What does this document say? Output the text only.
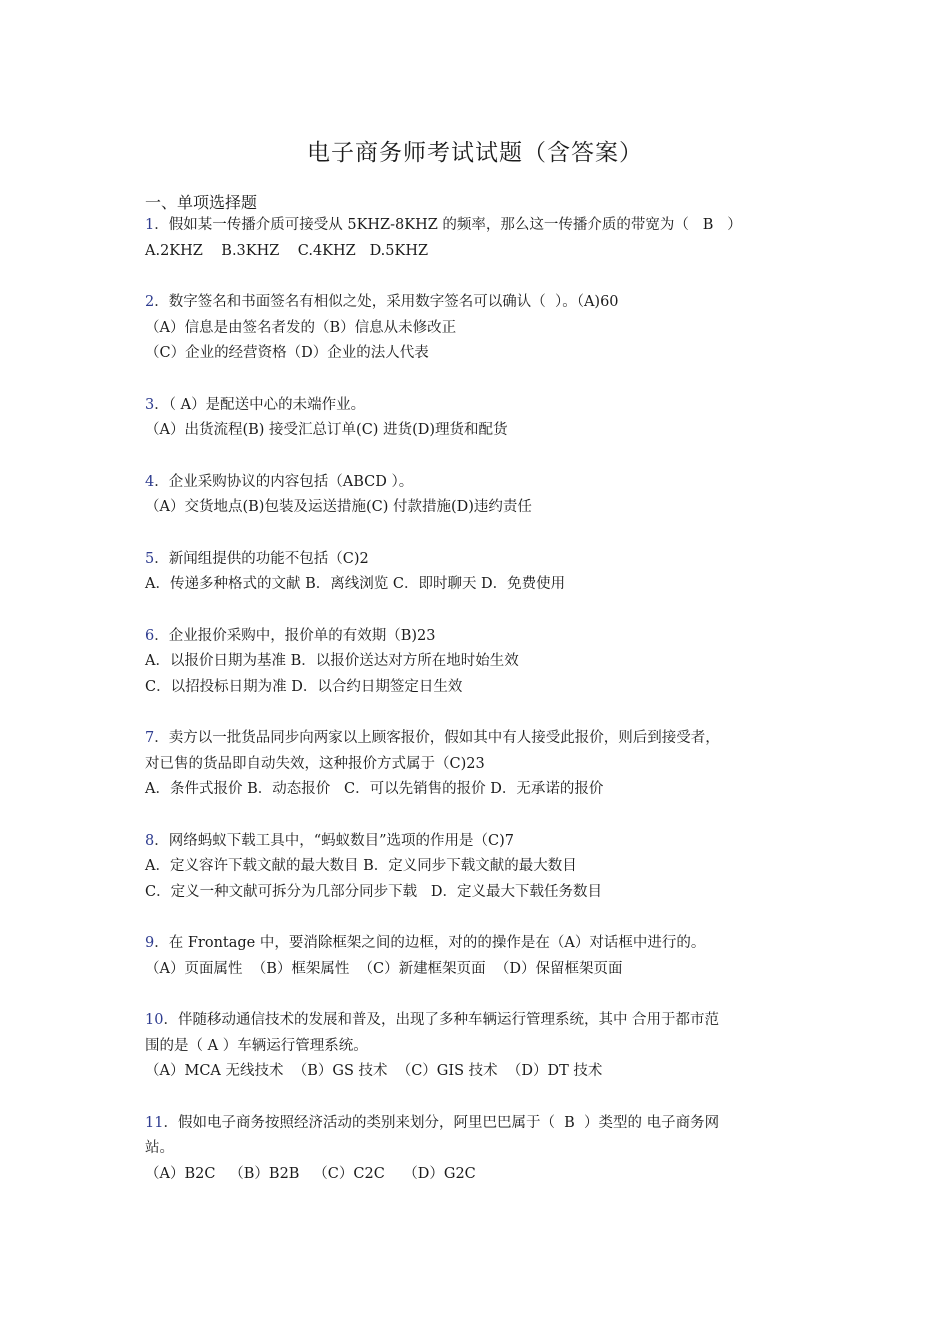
电子商务师考试试题（含答案）
一、单项选择题
1．假如某一传播介质可接受从 5KHZ-8KHZ 的频率，那么这一传播介质的带宽为（   B   ）
A.2KHZ    B.3KHZ    C.4KHZ   D.5KHZ
2．数字签名和书面签名有相似之处，采用数字签名可以确认（  ）。（A)60
（A）信息是由签名者发的（B）信息从未修改正
（C）企业的经营资格（D）企业的法人代表
3．（ A）是配送中心的未端作业。
（A）出货流程(B) 接受汇总订单(C) 进货(D)理货和配货
4．企业采购协议的内容包括（ABCD ）。
（A）交货地点(B)包装及运送措施(C) 付款措施(D)违约责任
5．新闻组提供的功能不包括（C)2
A．传递多种格式的文献 B．离线浏览 C．即时聊天 D．免费使用
6．企业报价采购中，报价单的有效期（B)23
A．以报价日期为基准 B．以报价送达对方所在地时始生效
C．以招投标日期为准 D．以合约日期签定日生效
7．卖方以一批货品同步向两家以上顾客报价，假如其中有人接受此报价，则后到接受者，
对已售的货品即自动失效，这种报价方式属于（C)23
A．条件式报价 B．动态报价   C．可以先销售的报价 D．无承诺的报价
8．网络蚂蚁下载工具中，“蚂蚁数目”选项的作用是（C)7
A．定义容许下载文献的最大数目 B．定义同步下载文献的最大数目
C．定义一种文献可拆分为几部分同步下载   D．定义最大下载任务数目
9．在 Frontage 中，要消除框架之间的边框，对的的操作是在（A）对话框中进行的。
（A）页面属性  （B）框架属性  （C）新建框架页面  （D）保留框架页面
10．伴随移动通信技术的发展和普及，出现了多种车辆运行管理系统，其中 合用于都市范
围的是（ A ）车辆运行管理系统。
（A）MCA 无线技术  （B）GS 技术  （C）GIS 技术  （D）DT 技术
11．假如电子商务按照经济活动的类别来划分，阿里巴巴属于（  B  ）类型的 电子商务网
站。
（A）B2C   （B）B2B   （C）C2C    （D）G2C
